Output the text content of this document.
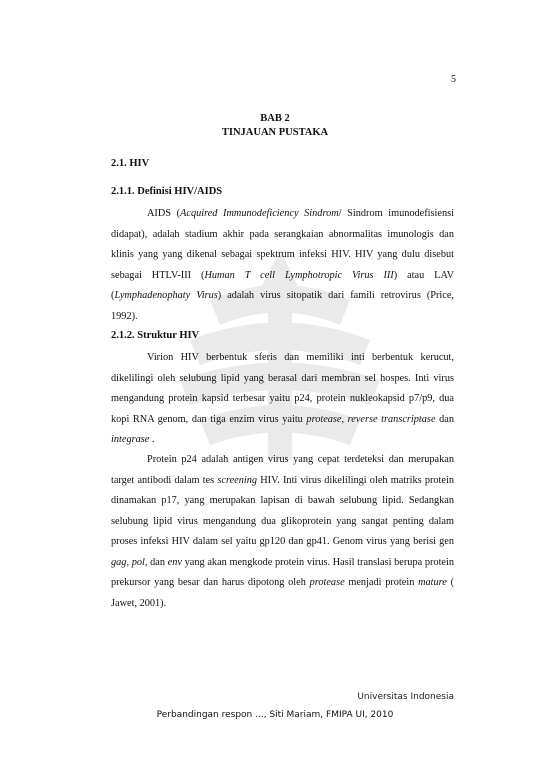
5
BAB 2
TINJAUAN PUSTAKA
2.1. HIV
2.1.1. Definisi HIV/AIDS

AIDS (Acquired Immunodeficiency Sindrom/ Sindrom imunodefisiensi didapat), adalah stadium akhir pada serangkaian abnormalitas imunologis dan klinis yang yang dikenal sebagai spektrum infeksi HIV. HIV yang dulu disebut sebagai HTLV-III (Human T cell Lymphotropic Virus III) atau LAV (Lymphadenophaty Virus) adalah virus sitopatik dari famili retrovirus (Price, 1992).

2.1.2. Struktur HIV

Virion HIV berbentuk sferis dan memiliki inti berbentuk kerucut, dikelilingi oleh selubung lipid yang berasal dari membran sel hospes. Inti virus mengandung protein kapsid terbesar yaitu p24, protein nukleokapsid p7/p9, dua kopi RNA genom, dan tiga enzim virus yaitu protease, reverse transcriptase dan integrase .

Protein p24 adalah antigen virus yang cepat terdeteksi dan merupakan target antibodi dalam tes screening HIV. Inti virus dikelilingi oleh matriks protein dinamakan p17, yang merupakan lapisan di bawah selubung lipid. Sedangkan selubung lipid virus mengandung dua glikoprotein yang sangat penting dalam proses infeksi HIV dalam sel yaitu gp120 dan gp41. Genom virus yang berisi gen gag, pol, dan env yang akan mengkode protein virus. Hasil translasi berupa protein prekursor yang besar dan harus dipotong oleh protease menjadi protein mature ( Jawet, 2001).

Universitas Indonesia
Perbandingan respon ..., Siti Mariam, FMIPA UI, 2010
